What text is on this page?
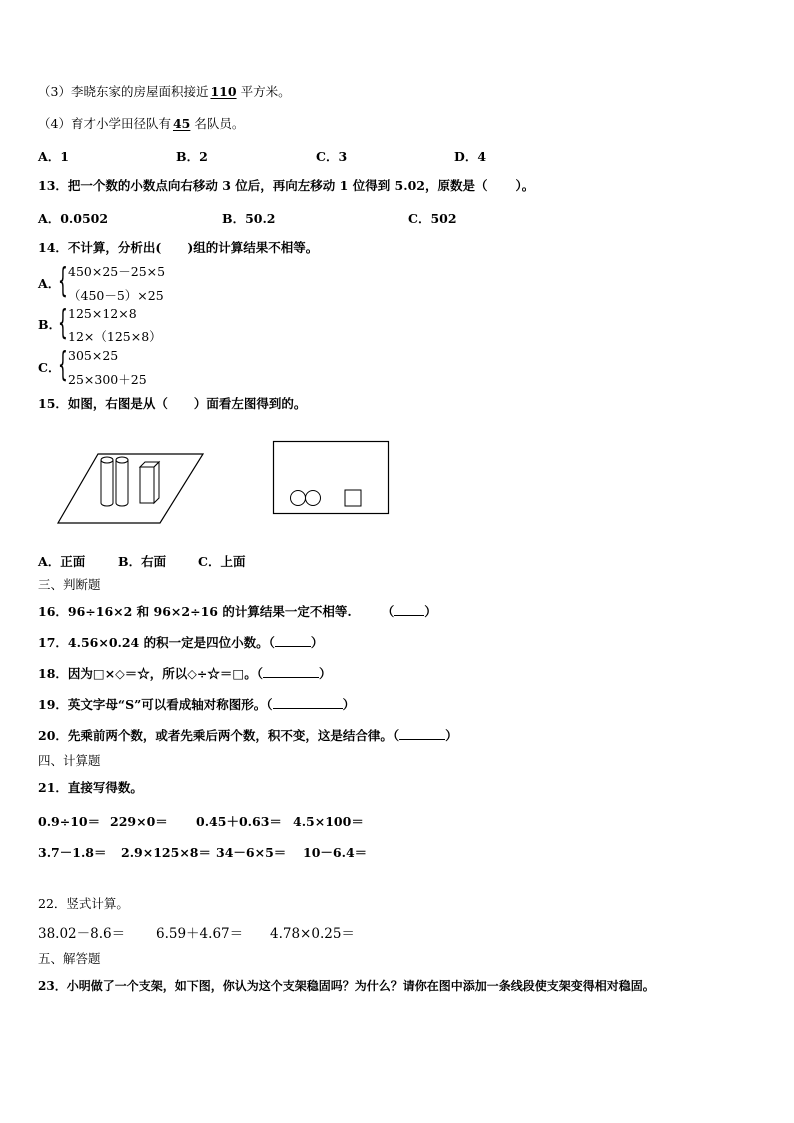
（3）李晓东家的房屋面积接近 110 平方米。
（4）育才小学田径队有 45 名队员。
A．1	B．2	C．3	D．4
13．把一个数的小数点向右移动 3 位后，再向左移动 1 位得到 5.02，原数是（ ）。
A．0.0502	B．50.2	C．502
14．不计算，分析出( )组的计算结果不相等。
A．
{ 450×25－25×5
（450－5）×25
B．
{ 125×12×8
12×（125×8）
C．
{ 305×25
25×300＋25
15．如图，右图是从（ ）面看左图得到的。
A．正面	B．右面	C．上面
三、判断题
16．96÷16×2 和 96×2÷16 的计算结果一定不相等. （ ）
17．4.56×0.24 的积一定是四位小数。（	）
18．因为□×◇＝☆，所以◇÷☆＝□。（	）
19．英文字母“S”可以看成轴对称图形。（	）
20．先乘前两个数，或者先乘后两个数，积不变，这是结合律。（	）
四、计算题
21．直接写得数。
0.9÷10＝ 229×0＝ 0.45＋0.63＝ 4.5×100＝
3.7－1.8＝ 2.9×125×8＝ 34－6×5＝ 10－6.4＝
22．竖式计算。
38.02－8.6＝ 6.59＋4.67＝ 4.78×0.25＝
五、解答题
23．小明做了一个支架，如下图，你认为这个支架稳固吗？为什么？请你在图中添加一条线段使支架变得相对稳固。
